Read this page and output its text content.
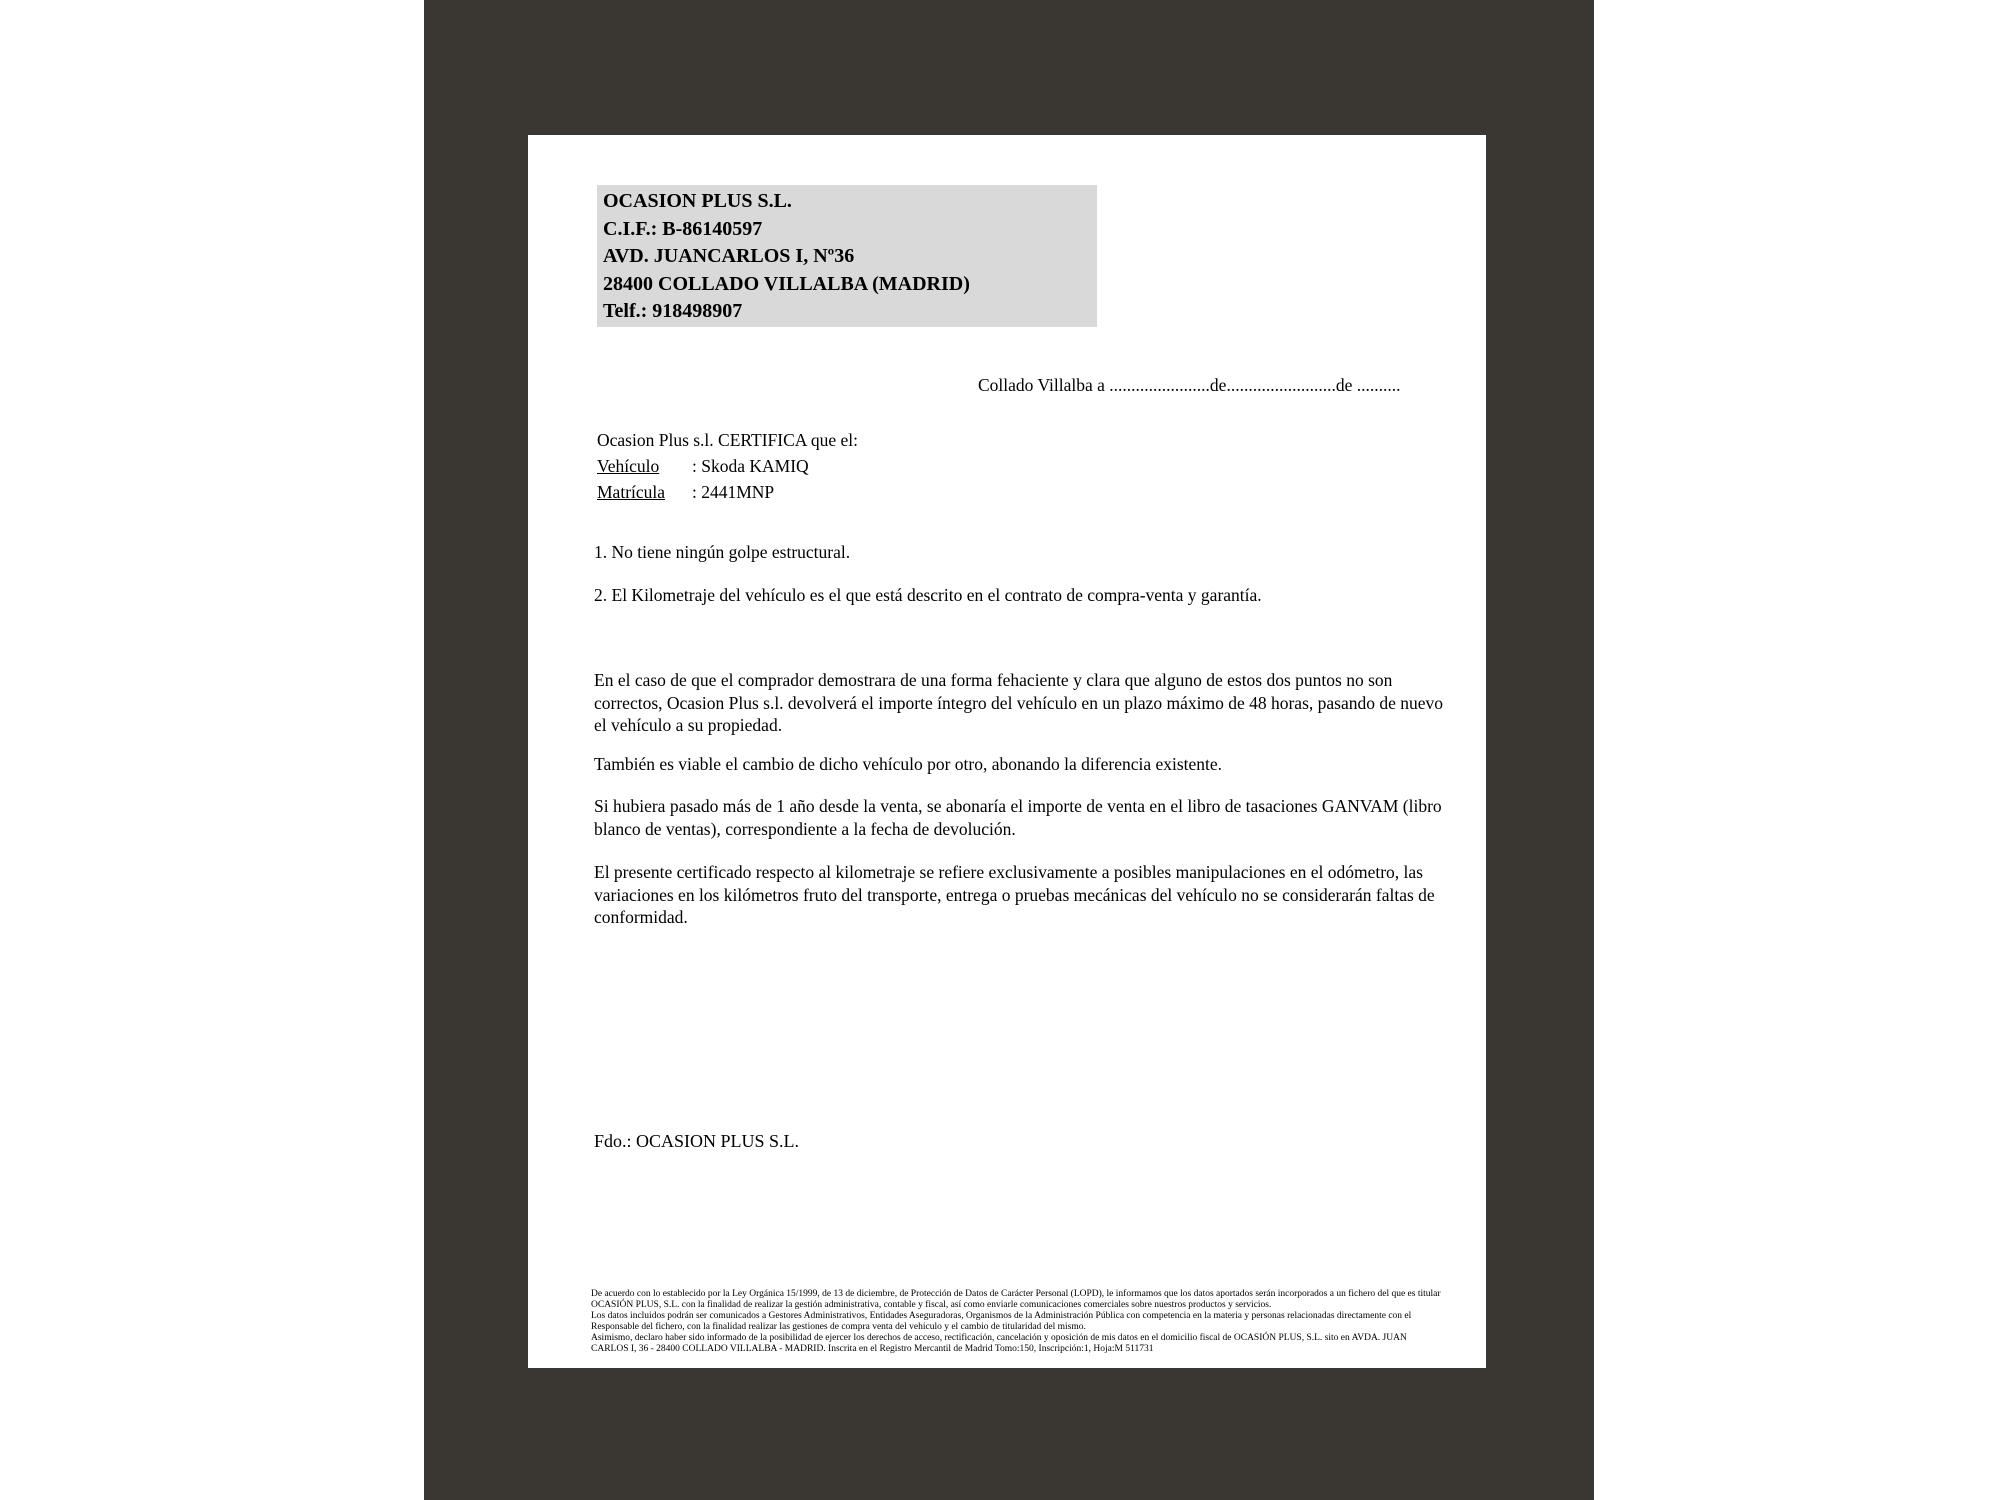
OCASION PLUS S.L.
C.I.F.: B-86140597
AVD. JUANCARLOS I, Nº36
28400 COLLADO VILLALBA (MADRID)
Telf.: 918498907
Collado Villalba a .......................de.........................de ..........
Ocasion Plus s.l. CERTIFICA que el:
Vehículo : Skoda KAMIQ
Matrícula : 2441MNP
1. No tiene ningún golpe estructural.
2. El Kilometraje del vehículo es el que está descrito en el contrato de compra-venta y garantía.
En el caso de que el comprador demostrara de una forma fehaciente y clara que alguno de estos dos puntos no son correctos, Ocasion Plus s.l. devolverá el importe íntegro del vehículo en un plazo máximo de 48 horas, pasando de nuevo el vehículo a su propiedad.
También es viable el cambio de dicho vehículo por otro, abonando la diferencia existente.
Si hubiera pasado más de 1 año desde la venta, se abonaría el importe de venta en el libro de tasaciones GANVAM (libro blanco de ventas), correspondiente a la fecha de devolución.
El presente certificado respecto al kilometraje se refiere exclusivamente a posibles manipulaciones en el odómetro, las variaciones en los kilómetros fruto del transporte, entrega o pruebas mecánicas del vehículo no se considerarán faltas de conformidad.
Fdo.: OCASION PLUS S.L.
De acuerdo con lo establecido por la Ley Orgánica 15/1999, de 13 de diciembre, de Protección de Datos de Carácter Personal (LOPD), le informamos que los datos aportados serán incorporados a un fichero del que es titular
OCASIÓN PLUS, S.L. con la finalidad de realizar la gestión administrativa, contable y fiscal, así como enviarle comunicaciones comerciales sobre nuestros productos y servicios.
Los datos incluidos podrán ser comunicados a Gestores Administrativos, Entidades Aseguradoras, Organismos de la Administración Pública con competencia en la materia y personas relacionadas directamente con el
Responsable del fichero, con la finalidad realizar las gestiones de compra venta del vehículo y el cambio de titularidad del mismo.
Asimismo, declaro haber sido informado de la posibilidad de ejercer los derechos de acceso, rectificación, cancelación y oposición de mis datos en el domicilio fiscal de OCASIÓN PLUS, S.L. sito en AVDA. JUAN
CARLOS I, 36 - 28400 COLLADO VILLALBA - MADRID. Inscrita en el Registro Mercantil de Madrid Tomo:150, Inscripción:1, Hoja:M 511731
